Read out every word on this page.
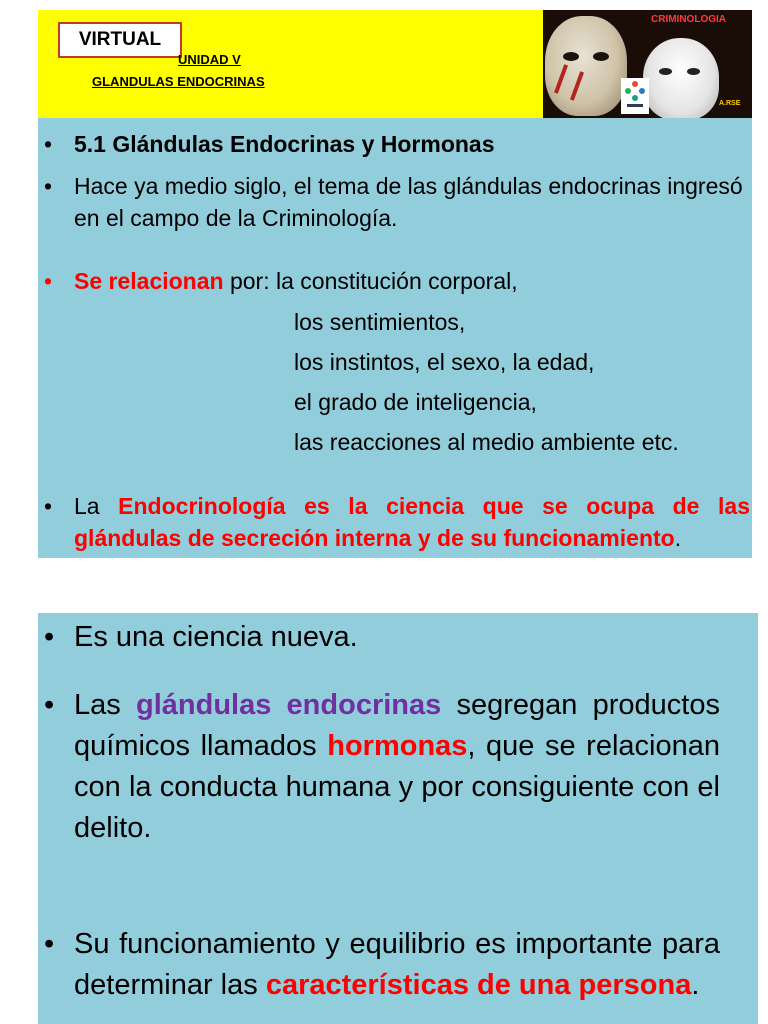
VIRTUAL
UNIDAD V
GLANDULAS ENDOCRINAS
CRIMINOLOGIA
A.RSE
• 5.1 Glándulas Endocrinas y Hormonas
• Hace ya medio siglo, el tema de las glándulas endocrinas ingresó en el campo de la Criminología.
• Se relacionan por: la constitución corporal,
los sentimientos,
los instintos, el sexo, la edad,
el grado de inteligencia,
las reacciones al medio ambiente etc.
• La Endocrinología es la ciencia que se ocupa de las glándulas de secreción interna y de su funcionamiento.
• Es una ciencia nueva.
• Las glándulas endocrinas segregan productos químicos llamados hormonas, que se relacionan con la conducta humana y por consiguiente con el delito.
• Su funcionamiento y equilibrio es importante para determinar las características de una persona.
